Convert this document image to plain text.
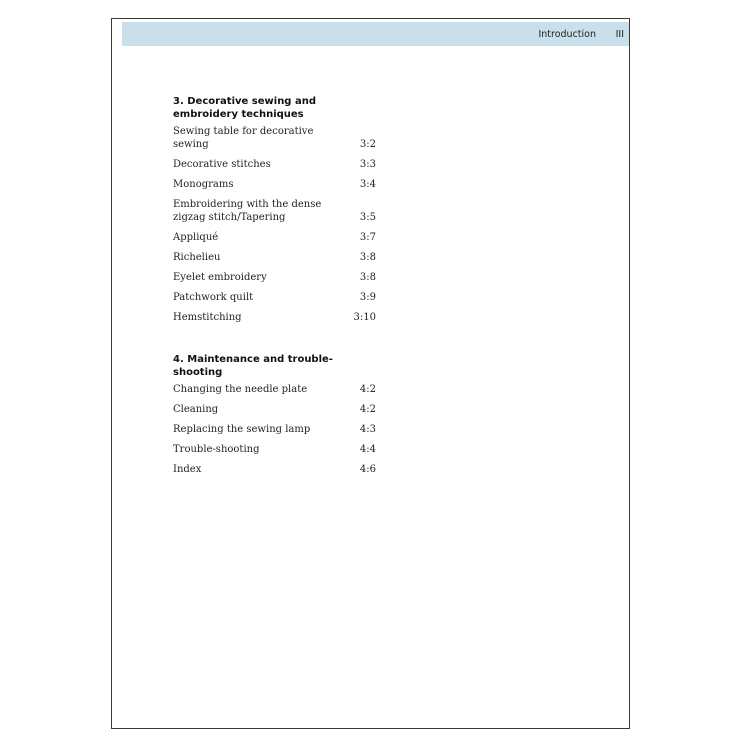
Introduction III
3. Decorative sewing and embroidery techniques
Sewing table for decorative sewing	3:2
Decorative stitches	3:3
Monograms	3:4
Embroidering with the dense zigzag stitch/Tapering	3:5
Appliqué	3:7
Richelieu	3:8
Eyelet embroidery	3:8
Patchwork quilt	3:9
Hemstitching	3:10
4. Maintenance and trouble-shooting
Changing the needle plate	4:2
Cleaning	4:2
Replacing the sewing lamp	4:3
Trouble-shooting	4:4
Index	4:6
